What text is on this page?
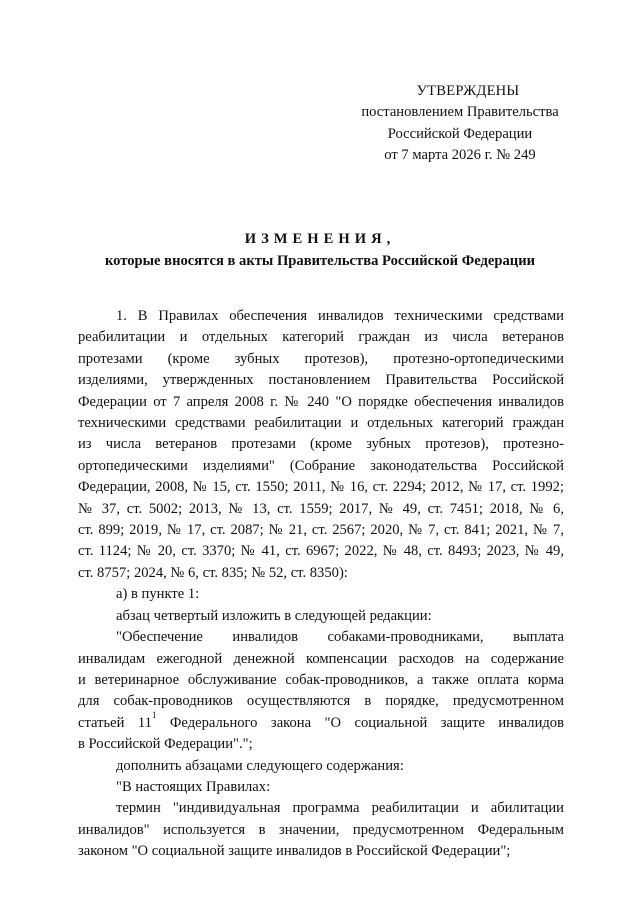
УТВЕРЖДЕНЫ
постановлением Правительства
Российской Федерации
от 7 марта 2026 г. № 249
ИЗМЕНЕНИЯ,
которые вносятся в акты Правительства Российской Федерации

1. В Правилах обеспечения инвалидов техническими средствами

реабилитации и отдельных категорий граждан из числа ветеранов

протезами (кроме зубных протезов), протезно-ортопедическими

изделиями, утвержденных постановлением Правительства Российской

Федерации от 7 апреля 2008 г. № 240 "О порядке обеспечения инвалидов

техническими средствами реабилитации и отдельных категорий граждан

из числа ветеранов протезами (кроме зубных протезов), протезно-

ортопедическими изделиями" (Собрание законодательства Российской

Федерации, 2008, № 15, ст. 1550; 2011, № 16, ст. 2294; 2012, № 17, ст. 1992;

№ 37, ст. 5002; 2013, № 13, ст. 1559; 2017, № 49, ст. 7451; 2018, № 6,

ст. 899; 2019, № 17, ст. 2087; № 21, ст. 2567; 2020, № 7, ст. 841; 2021, № 7,

ст. 1124; № 20, ст. 3370; № 41, ст. 6967; 2022, № 48, ст. 8493; 2023, № 49,

ст. 8757; 2024, № 6, ст. 835; № 52, ст. 8350):

а) в пункте 1:

абзац четвертый изложить в следующей редакции:

"Обеспечение инвалидов собаками-проводниками, выплата

инвалидам ежегодной денежной компенсации расходов на содержание

и ветеринарное обслуживание собак-проводников, а также оплата корма

для собак-проводников осуществляются в порядке, предусмотренном

статьей $11^1$ Федерального закона "О социальной защите инвалидов

в Российской Федерации".";

дополнить абзацами следующего содержания:

"В настоящих Правилах:

термин "индивидуальная программа реабилитации и абилитации

инвалидов" используется в значении, предусмотренном Федеральным

законом "О социальной защите инвалидов в Российской Федерации";
